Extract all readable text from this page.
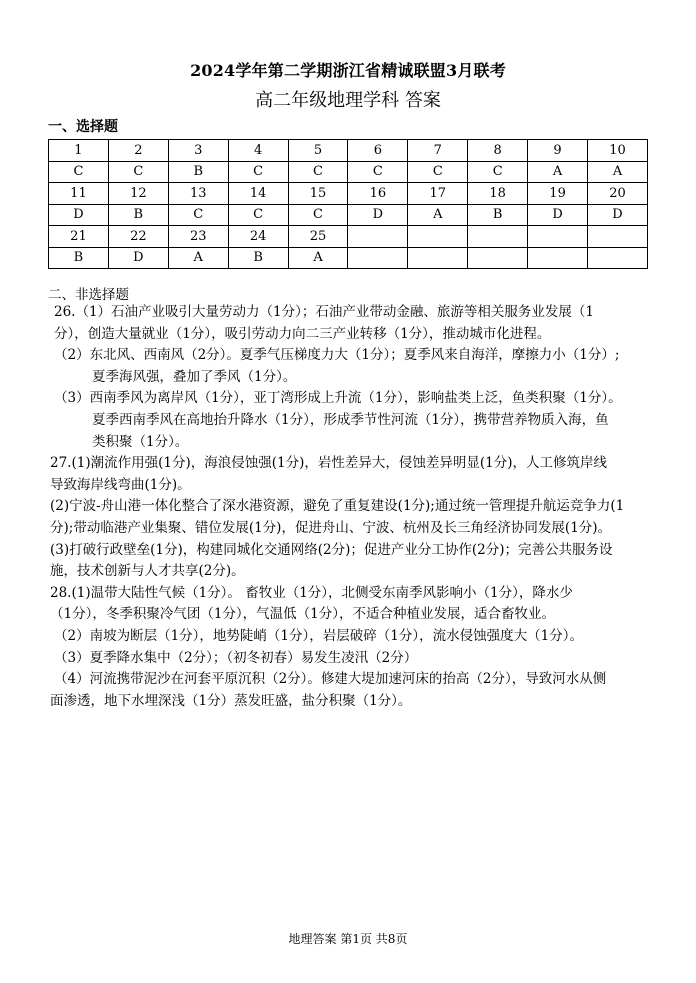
2024学年第二学期浙江省精诚联盟3月联考
高二年级地理学科 答案
一、选择题
1	2	3	4	5	6	7	8	9	10
C	C	B	C	C	C	C	C	A	A
11	12	13	14	15	16	17	18	19	20
D	B	C	C	C	D	A	B	D	D
21	22	23	24	25					
B	D	A	B	A					
二、非选择题

26.（1）石油产业吸引大量劳动力（1分）；石油产业带动金融、旅游等相关服务业发展（1

分），创造大量就业（1分），吸引劳动力向二三产业转移（1分），推动城市化进程。

（2）东北风、西南风（2分）。夏季气压梯度力大（1分）；夏季风来自海洋，摩擦力小（1分）;

夏季海风强，叠加了季风（1分）。

（3）西南季风为离岸风（1分），亚丁湾形成上升流（1分），影响盐类上泛，鱼类积聚（1分）。

夏季西南季风在高地抬升降水（1分），形成季节性河流（1分），携带营养物质入海，鱼

类积聚（1分）。

27.(1)潮流作用强(1分)，海浪侵蚀强(1分)，岩性差异大，侵蚀差异明显(1分)，人工修筑岸线

导致海岸线弯曲(1分)。

(2)宁波-舟山港一体化整合了深水港资源，避免了重复建设(1分);通过统一管理提升航运竞争力(1

分);带动临港产业集聚、错位发展(1分)，促进舟山、宁波、杭州及长三角经济协同发展(1分)。

(3)打破行政壁垒(1分)，构建同城化交通网络(2分)；促进产业分工协作(2分)；完善公共服务设

施，技术创新与人才共享(2分)。

28.(1)温带大陆性气候（1分）。 畜牧业（1分），北侧受东南季风影响小（1分），降水少

（1分），冬季积聚冷气团（1分），气温低（1分），不适合种植业发展，适合畜牧业。

（2）南坡为断层（1分），地势陡峭（1分），岩层破碎（1分），流水侵蚀强度大（1分）。

（3）夏季降水集中（2分）；（初冬初春）易发生凌汛（2分）

（4）河流携带泥沙在河套平原沉积（2分）。修建大堤加速河床的抬高（2分），导致河水从侧

面渗透，地下水埋深浅（1分）蒸发旺盛，盐分积聚（1分）。

地理答案 第1页 共8页
